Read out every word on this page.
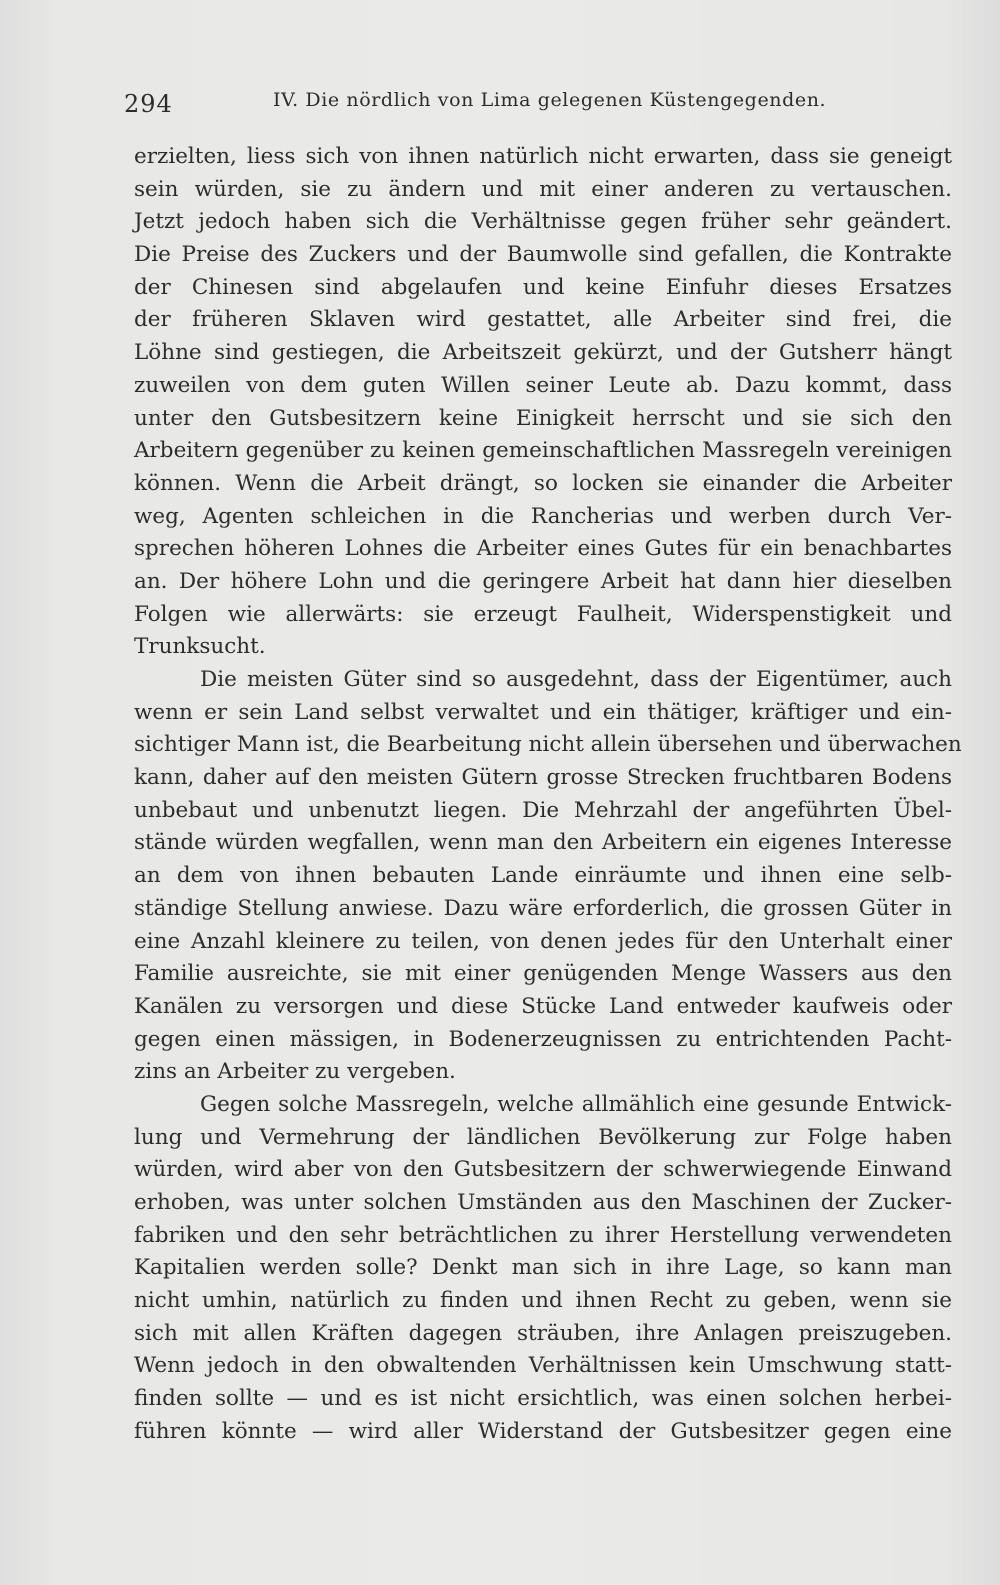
294	IV. Die nördlich von Lima gelegenen Küstengegenden.
erzielten, liess sich von ihnen natürlich nicht erwarten, dass sie geneigt
sein würden, sie zu ändern und mit einer anderen zu vertauschen.
Jetzt jedoch haben sich die Verhältnisse gegen früher sehr geändert.
Die Preise des Zuckers und der Baumwolle sind gefallen, die Kontrakte
der Chinesen sind abgelaufen und keine Einfuhr dieses Ersatzes
der früheren Sklaven wird gestattet, alle Arbeiter sind frei, die
Löhne sind gestiegen, die Arbeitszeit gekürzt, und der Gutsherr hängt
zuweilen von dem guten Willen seiner Leute ab. Dazu kommt, dass
unter den Gutsbesitzern keine Einigkeit herrscht und sie sich den
Arbeitern gegenüber zu keinen gemeinschaftlichen Massregeln vereinigen
können. Wenn die Arbeit drängt, so locken sie einander die Arbeiter
weg, Agenten schleichen in die Rancherias und werben durch Ver-
sprechen höheren Lohnes die Arbeiter eines Gutes für ein benachbartes
an. Der höhere Lohn und die geringere Arbeit hat dann hier dieselben
Folgen wie allerwärts: sie erzeugt Faulheit, Widerspenstigkeit und
Trunksucht.
Die meisten Güter sind so ausgedehnt, dass der Eigentümer, auch
wenn er sein Land selbst verwaltet und ein thätiger, kräftiger und ein-
sichtiger Mann ist, die Bearbeitung nicht allein übersehen und überwachen
kann, daher auf den meisten Gütern grosse Strecken fruchtbaren Bodens
unbebaut und unbenutzt liegen. Die Mehrzahl der angeführten Übel-
stände würden wegfallen, wenn man den Arbeitern ein eigenes Interesse
an dem von ihnen bebauten Lande einräumte und ihnen eine selb-
ständige Stellung anwiese. Dazu wäre erforderlich, die grossen Güter in
eine Anzahl kleinere zu teilen, von denen jedes für den Unterhalt einer
Familie ausreichte, sie mit einer genügenden Menge Wassers aus den
Kanälen zu versorgen und diese Stücke Land entweder kaufweis oder
gegen einen mässigen, in Bodenerzeugnissen zu entrichtenden Pacht-
zins an Arbeiter zu vergeben.
Gegen solche Massregeln, welche allmählich eine gesunde Entwick-
lung und Vermehrung der ländlichen Bevölkerung zur Folge haben
würden, wird aber von den Gutsbesitzern der schwerwiegende Einwand
erhoben, was unter solchen Umständen aus den Maschinen der Zucker-
fabriken und den sehr beträchtlichen zu ihrer Herstellung verwendeten
Kapitalien werden solle? Denkt man sich in ihre Lage, so kann man
nicht umhin, natürlich zu finden und ihnen Recht zu geben, wenn sie
sich mit allen Kräften dagegen sträuben, ihre Anlagen preiszugeben.
Wenn jedoch in den obwaltenden Verhältnissen kein Umschwung statt-
finden sollte — und es ist nicht ersichtlich, was einen solchen herbei-
führen könnte — wird aller Widerstand der Gutsbesitzer gegen eine
